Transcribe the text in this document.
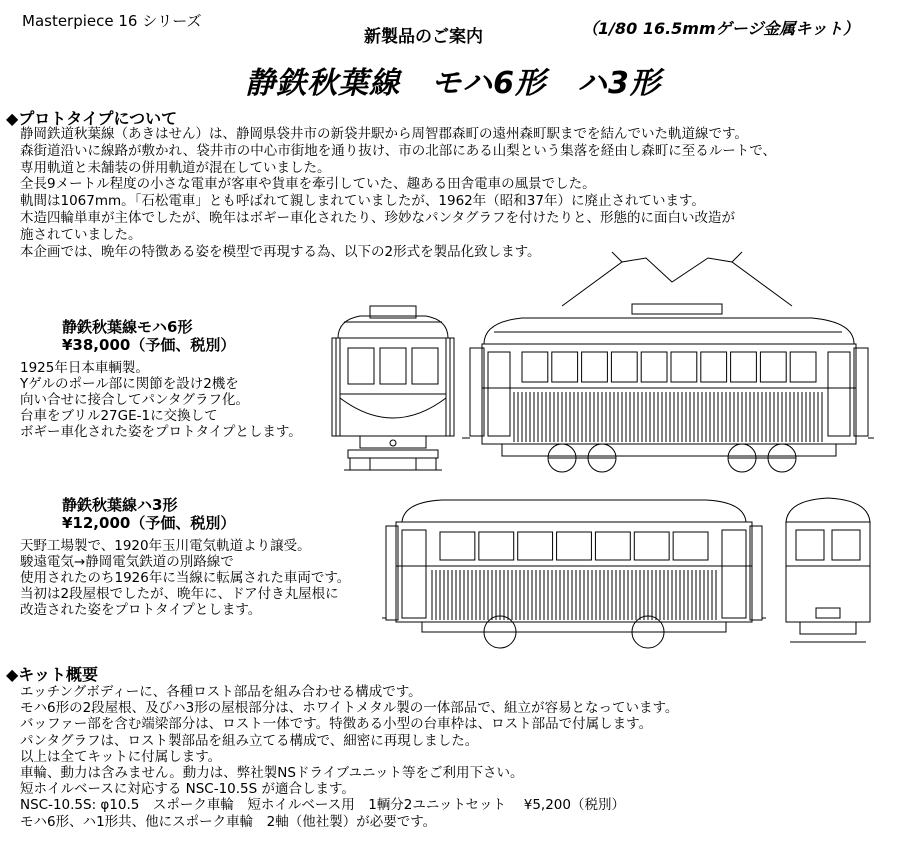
Masterpiece 16 シリーズ
新製品のご案内	（1/80 16.5mmゲージ金属キット）
静鉄秋葉線　モハ6形　ハ3形
◆プロトタイプについて
静岡鉄道秋葉線（あきはせん）は、静岡県袋井市の新袋井駅から周智郡森町の遠州森町駅までを結んでいた軌道線です。
森街道沿いに線路が敷かれ、袋井市の中心市街地を通り抜け、市の北部にある山梨という集落を経由し森町に至るルートで、
専用軌道と未舗装の併用軌道が混在していました。
全長9メートル程度の小さな電車が客車や貨車を牽引していた、趣ある田舎電車の風景でした。
軌間は1067mm。「石松電車」とも呼ばれて親しまれていましたが、1962年（昭和37年）に廃止されています。
木造四輪単車が主体でしたが、晩年はボギー車化されたり、珍妙なパンタグラフを付けたりと、形態的に面白い改造が
施されていました。
本企画では、晩年の特徴ある姿を模型で再現する為、以下の2形式を製品化致します。
静鉄秋葉線モハ6形
¥38,000（予価、税別）
1925年日本車輌製。
Yゲルのポール部に関節を設け2機を
向い合せに接合してパンタグラフ化。
台車をブリル27GE-1に交換して
ボギー車化された姿をプロトタイプとします。
静鉄秋葉線ハ3形
¥12,000（予価、税別）
天野工場製で、1920年玉川電気軌道より譲受。
駿遠電気→静岡電気鉄道の別路線で
使用されたのち1926年に当線に転属された車両です。
当初は2段屋根でしたが、晩年に、ドア付き丸屋根に
改造された姿をプロトタイプとします。
◆キット概要
エッチングボディーに、各種ロスト部品を組み合わせる構成です。
モハ6形の2段屋根、及びハ3形の屋根部分は、ホワイトメタル製の一体部品で、組立が容易となっています。
バッファー部を含む端梁部分は、ロスト一体です。特徴ある小型の台車枠は、ロスト部品で付属します。
パンタグラフは、ロスト製部品を組み立てる構成で、細密に再現しました。
以上は全てキットに付属します。
車輪、動力は含みません。動力は、弊社製NSドライブユニット等をご利用下さい。
短ホイルベースに対応する NSC-10.5S が適合します。
NSC-10.5S: φ10.5　スポーク車輪　短ホイルベース用　1輌分2ユニットセット　 ¥5,200（税別）
モハ6形、ハ1形共、他にスポーク車輪　2軸（他社製）が必要です。
